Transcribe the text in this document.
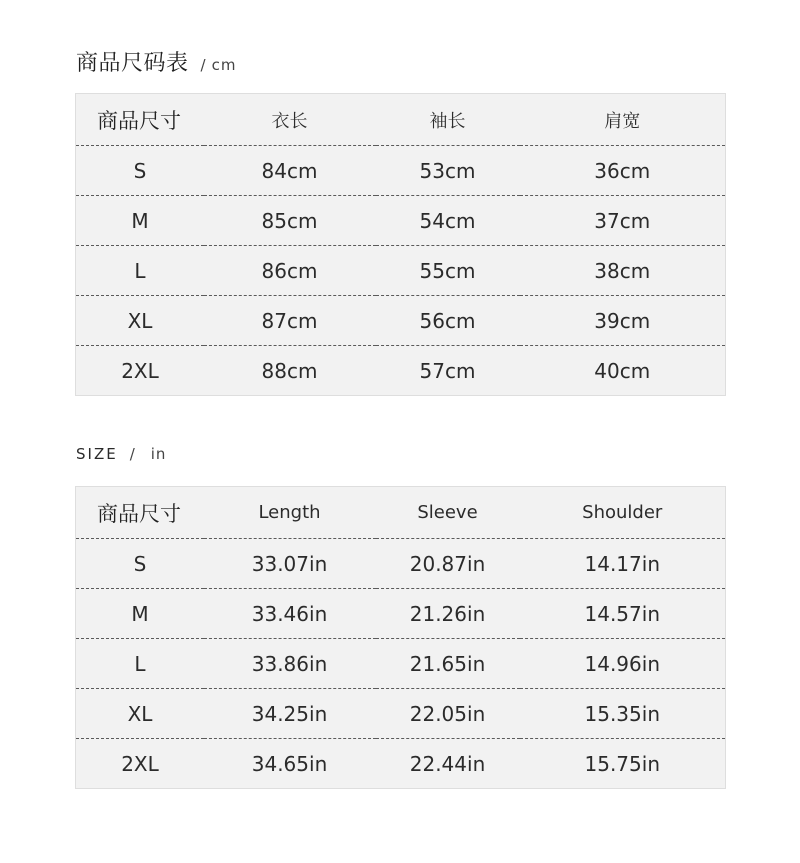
商品尺码表 / cm
商品尺寸	衣长	袖长	肩宽
S	84cm	53cm	36cm
M	85cm	54cm	37cm
L	86cm	55cm	38cm
XL	87cm	56cm	39cm
2XL	88cm	57cm	40cm
SIZE / in
商品尺寸	Length	Sleeve	Shoulder
S	33.07in	20.87in	14.17in
M	33.46in	21.26in	14.57in
L	33.86in	21.65in	14.96in
XL	34.25in	22.05in	15.35in
2XL	34.65in	22.44in	15.75in
